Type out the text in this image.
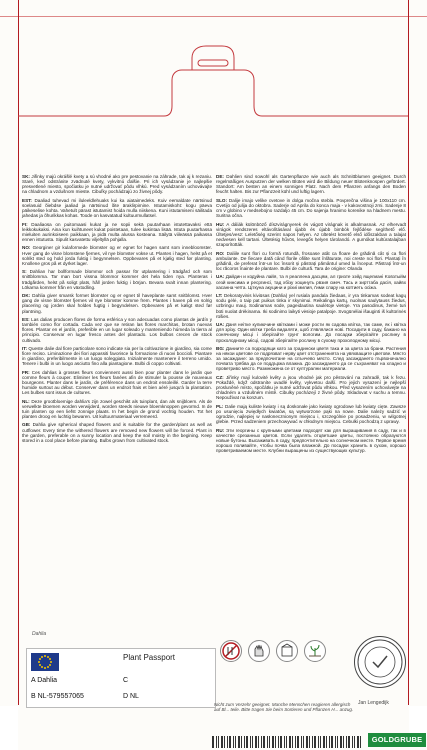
SK: Jiřinky majú okrášlé kvety a sú vhodné ako pre pestovanie na záhrade, tak aj k rezaniu. Staré, keď odstránite zvädnuté kvety, vykvitnú ďalšie. Pri ich vysádzanie je najlepšie presvetlené miesto, spočiatku je nutné udržovať pôdu vlhkú. Pred vysádzaním uchovávajte na chladnom a vzdušnom mieste. Cibuľky pochádzajú zo živnej pôdy.
EST: Daaliad tuhevad mi iluleeldlehuaks kui ka aiataimedeks. Kuiv eemaldate närtsinud soelasuid õiebdse jaaliad ja närtsinud õite äraklirpimine. Istutamiskoht: kogu päeva päikeselise kohta. Vahetult pärast istutamist hoida mulla niiskena. Kuni istutamiseni säilitada jahedas ja õhurikkas kohas. Toode on kasvatatud kultuurmullatsel.
FI: Daaliaosa on puitomaasi kukat ja ne sopii sekä puutarhaan istutettavaksi että leikkokukaksi. Aina kun kuihtuneet kukat poistetaan, tulee kukintaa lisää. Istuta puutarhassa mieluiten aurinkoiseen paikkaan, ja pidä multa alussa kosteana. Säilytä viileässä paikassa ennen istutusta. Sipulit kasvatettu viljeltyllä pohjalla.
NO: Georginer gir kulaformede blomster og er egnet for hagen samt som innebloomster. Hver gang de visne blomstene fjernes, vil nye blomster vokse ut. Plantes i hagen, helst på et solrikt sted og hold jorda fuktig i begynnelsen. Oppbevares på et kjølig sted før planting. Knollene gros på et dyrket lager.
S: Dahlian har bollformade blommor och passar för utplantering i trädgård och som snittblomma. Tar man bort vissna blommor kommer det hela tiden nya. Planteras i trädgården, helst på soligt plats, håll jorden fuktig i början. Bevara svalt innan plantering. Lökarna kommer från en växtodling.
DK: Dahlia giver smarsk formet blomster og er egnet til haveplante samt snitblomst. Hver gang de visne blomster fjernes vil nye blomster komme frem. Plantes i haven på en solrig placering og jorden skal holdes fugtig i begyndelsen. Opbevares på et køligt sted før plantning.
ES: Las dalias producen flores de forma esférica y son adecuadas como plantas de jardín y también como flor cortada. Cada vez que se retiran las flores marchitas, brotan nuevas flores. Plantar en el jardín, preferible en un lugar soleado y manteniendo húmeda la tierra al principio. Conservar en lugar fresco antes del plantado. Los bulbos crecen de stock cultivado.
IT: Queste dalie dal fiore particolare sono indicate sia per la coltivazione in giardino, sia come fiore reciso. Liminazione dei fiori appassiti favorisce la formazione di nuovi boccioli. Piantare in giardino, preferibilmente in un luogo soleggiato. Inizialmente mantenere il terreno umido. Tenere i bulbi in un luogo asciutto fino alla piantagione. Bulbi di coppo coltivati.
FR: Ces dahlias à grosses fleurs conviennent aussi bien pour planter dans le jardin que comme fleurs à couper. Eliminer les fleurs fanées afin de stimuler la pousse de nouveaux bourgeons. Planter dans le jardin, de préférence dans un endroit ensoleillé. Garder la terre humide surtout au début. Conserver dans un endroit frais et bien aéré jusqu'à la plantation. Les bulbes sont issus de cultures.
NL: Deze grootbloemige dahlia's zijn zowel geschikt als tuinplant, dan als snijbloem. Als de verwelkte bloemen worden verwijderd, worden steeds nieuwe bloemknoppen gevormd. In de tuin planten op een liefst zonnige plaats. In het begin de grond vochtig houden. Tot het planten droog en luchtig bewaren. Uit kultuurmateriaal verremeerd.
GB: Dahlia give spherical shaped flowers and is suitable for the garden/plant as well as cutflower. Every time the withered flowers are removed new flowers will be forced. Plant in the garden, preferable on a sunny location and keep the soil moisty in the begining. Keep stored in a cool place before planting. Bulbs grown from cultivated stock.
DE: Dahlien sind sowohl als Gartenpflanze wie auch als Schnittblumen geeignet. Durch regelmäßiges Ausputzen der welken Blüten wird die Bildung neuer Blütenknospen gefördert. Standort: Am besten an einem sonnigen Platz. Nach dem Pflanzen anfangs den Boden feucht halten. Bis zur Pflanzzeit kühl und luftig lagern.
SLO: Dalije imajo velike cvetove in dolga močna stebla. Povprečna višina je 100x110 cm. Cvetijo od julija do oktobra. Saderje od Aprila do konca maja - v kakovostnoji zrni. Sadenje 8 cm v globino v medsebojno razdaljo 45 cm. Do sajenja hranimo korenike na hladnem mestu. Suritna očna.
HU: A dáliák különböző díszvirágnyerek és vágott virágnak is alkalmasnak. Az elhervadt virágok rendszeres eltávolításával újabb és újabb bimbók fejlődése segíthető elő. Ültetjes/vesz: Leletőség szerint napos helyen. Az ültetést követő első időszakban a talajat nedvesen kell tartani. Ültetésig hűvös, levegős helyen tárolandó. A gumókat kultúratalajban szaporították.
RO: Daliile sunt flori cu formă rotundă, frosoase atât ca floare de grădină cât și ca flori ambulante. De fiecare dată când florile ofilite sunt înlăturate, noi creste noi flori. Plantați în grădină, de preferat într-un loc însorit și păstrați pământul umed la început. Păstrați într-un loc răcoros înainte de plantare. Bulbi de cultură. Tara de origine: Olanda
UA: Дайдин и кодуйна лайя, та я реаллена дасцям, ал гризте зэйд ящелиані Kовзтыйм сезй кинсима и ресргинсі, тад xбізу хоцинуть рвзия смеч. Тась и зирттаба дасія, хайвх хасанна чеїта. Ціткуна акуцини и ріхиі милия, ґими слару на коїтиеть осіжа.
LT: Dekoratyvinis kiviūsas (Dahlia) yel rusiala pandala žiedaas, ir yra tinkamas sodeat kagų sodu gėlė, o taip pat puikus tinka ir skynimui. Reikalinga kartų, nuolnas saulytauss žiedus, uzbringu mauj. Sodinamas sode, pageidautina saulėtoje vietoje. Yra pasodinus, žemė turi būti nuolat drėkinama. Iki sodinimo laikyti vėsioje patalpoje. Svogūnėliai išauginti iš kultūrinės rūšies.
UA: Даня неітке купиючине квітками і може рости як садова квітка, так саме, як і квітка для зрізу. Один квітки треба видаляти, щоб з'являлися нові. Посадити в саду, бажано на сонячному місці і зберігайте грунт вологим. До посадки зберігайте рослину в прохолодному місці, садові зберігайте рослину в сухому прохолодному місці.
BG: Даниите са подходящи като за градински цветя така и за цвета за брани. Растения на някои цветове се подрязват нерву цвет отстраненията на увяхващите цветове. Място за засаждане: за предпочитане на слънчево място. След засаждането първоначално почвата трябва да се поддържа влажна. До засаждането да се съхраняват на хладно и проветриво място. Размножена се от културални материали.
CZ: Jiřinky mají kulovité květy a jsou vhodné jak pro pěstování na zahradě, tak k řezu. Pokaždé, když odstraníte uvadlé květy, vykvetou další. Pro jejich vysazení je nejlepší prosluněné místo, spočátku je nutné udržovat půdu vlhkou. Před vysazením uchovávejte na chladném a vzdušném místě. Cibulky pocházejí z živné půdy. Skladovat v suchu a temnu. Nepouživat na konzum.
PL: Dalie mają kuliste kwiaty i są doskonałe jako kwiaty ogrodowe lub kwiaty cięte. Zawsze po usunięciu zwiędłych kwiatów, są wytworzone pąki na nowe. Dalie należy sadzić w ogrodzie, najlepiej w nasłonecznionym miejscu i, szczególnie po posadzeniu, w wilgotnej glebie. Przed sadzeniem przechowywać w chłodnym miejscu. Cebulki pochodzą z uprawy.
RU: Эти георгины с крупными цветами подходят как для выращивания в саду, так и в качестве срезанных цветов. Если удалять отцветшие цветы, постоянно образуются новые бутоны. Высаживать в саду, предпочтительно на солнечном месте. Первое время хорошо поливайте, чтобы почва была влажной. До посадки хранить в сухом, хорошо проветриваемом месте. Клубни выращены из существующих культур.
Dahlia
Plant Passport
A Dahlia	C
B NL-579557065	D NL
Nicht zum Verzehr geeignet. Manche Menschen reagieren allergisch auf Bl... teile. Bitte tragen Sie beim Sortieren und Pflanzen H... anzug.
Jan Lengedijk
GOLDGRUBE
